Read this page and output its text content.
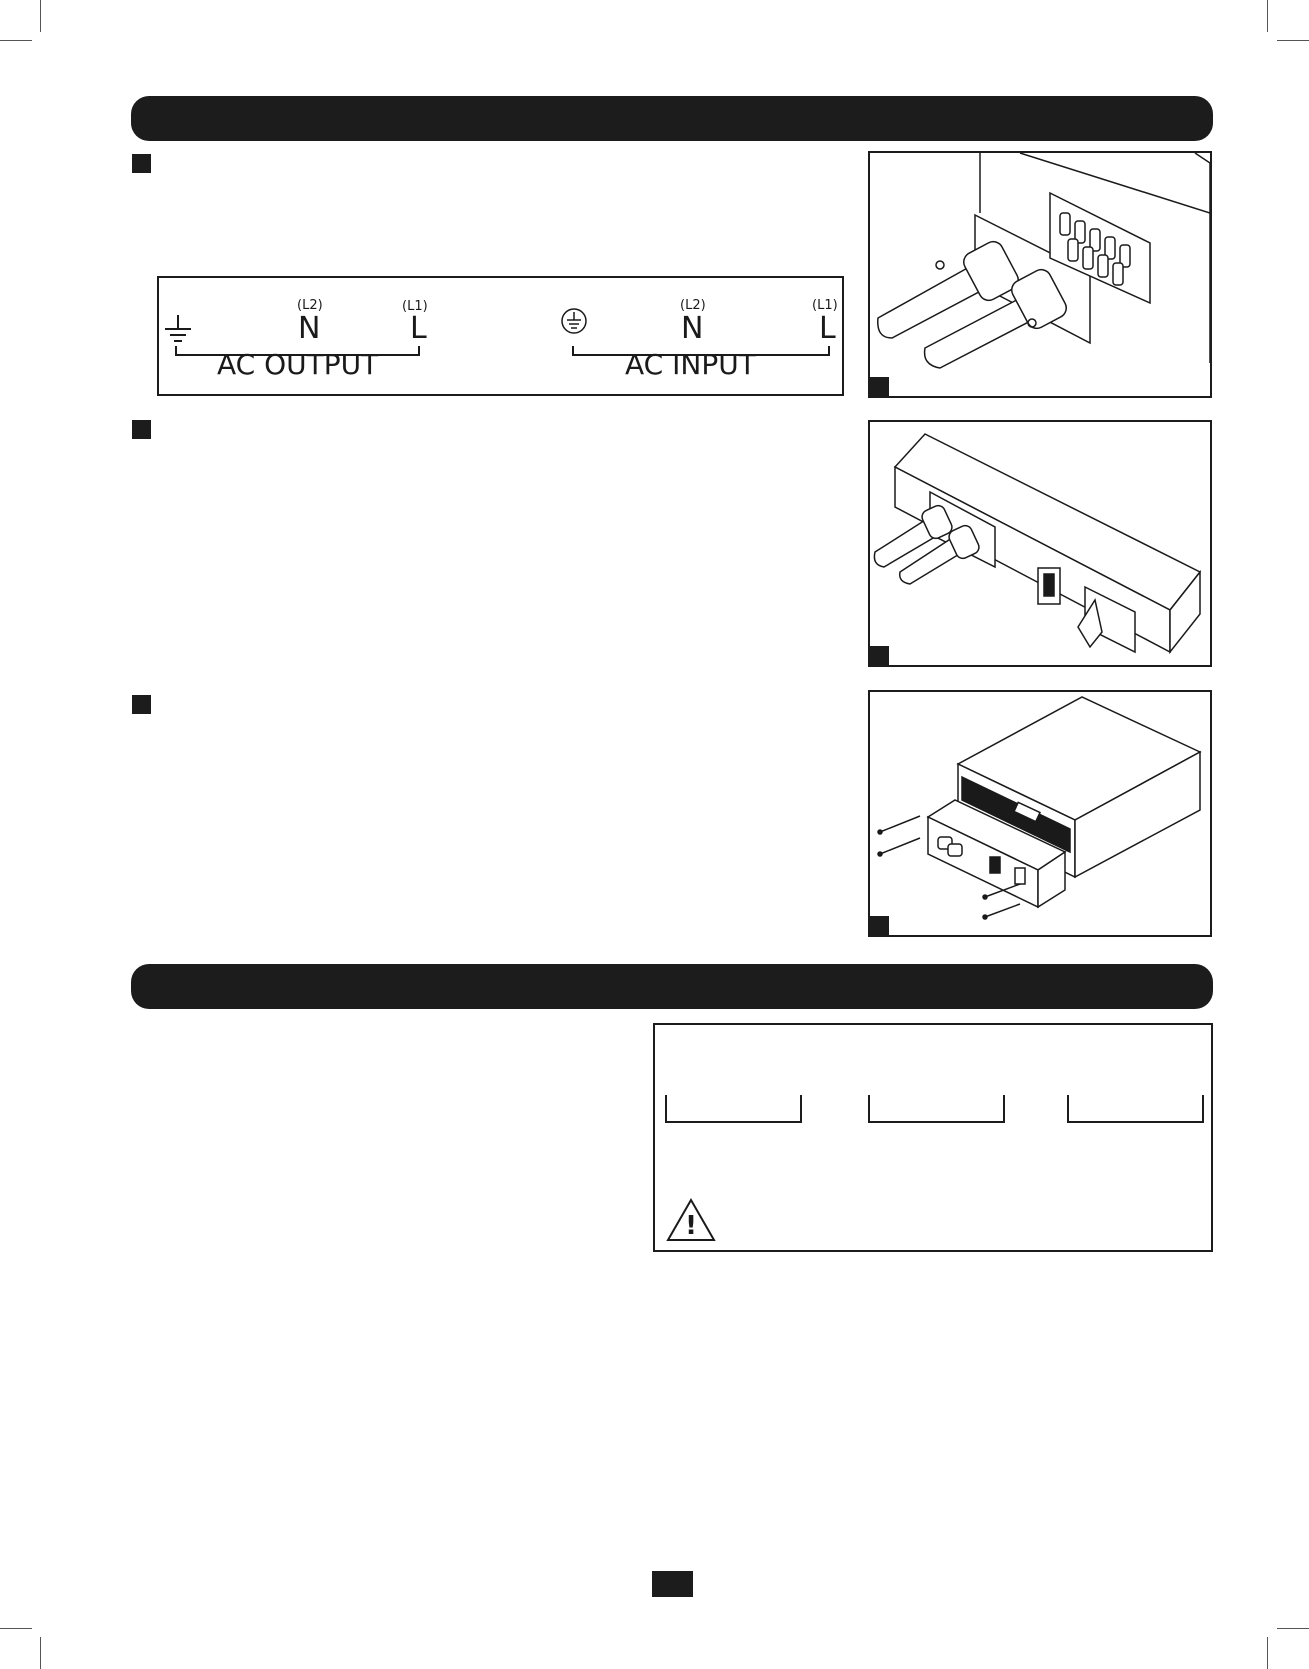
(L2)
N
(L1)
L
AC OUTPUT
(L2)
N
(L1)
L
AC INPUT
!
